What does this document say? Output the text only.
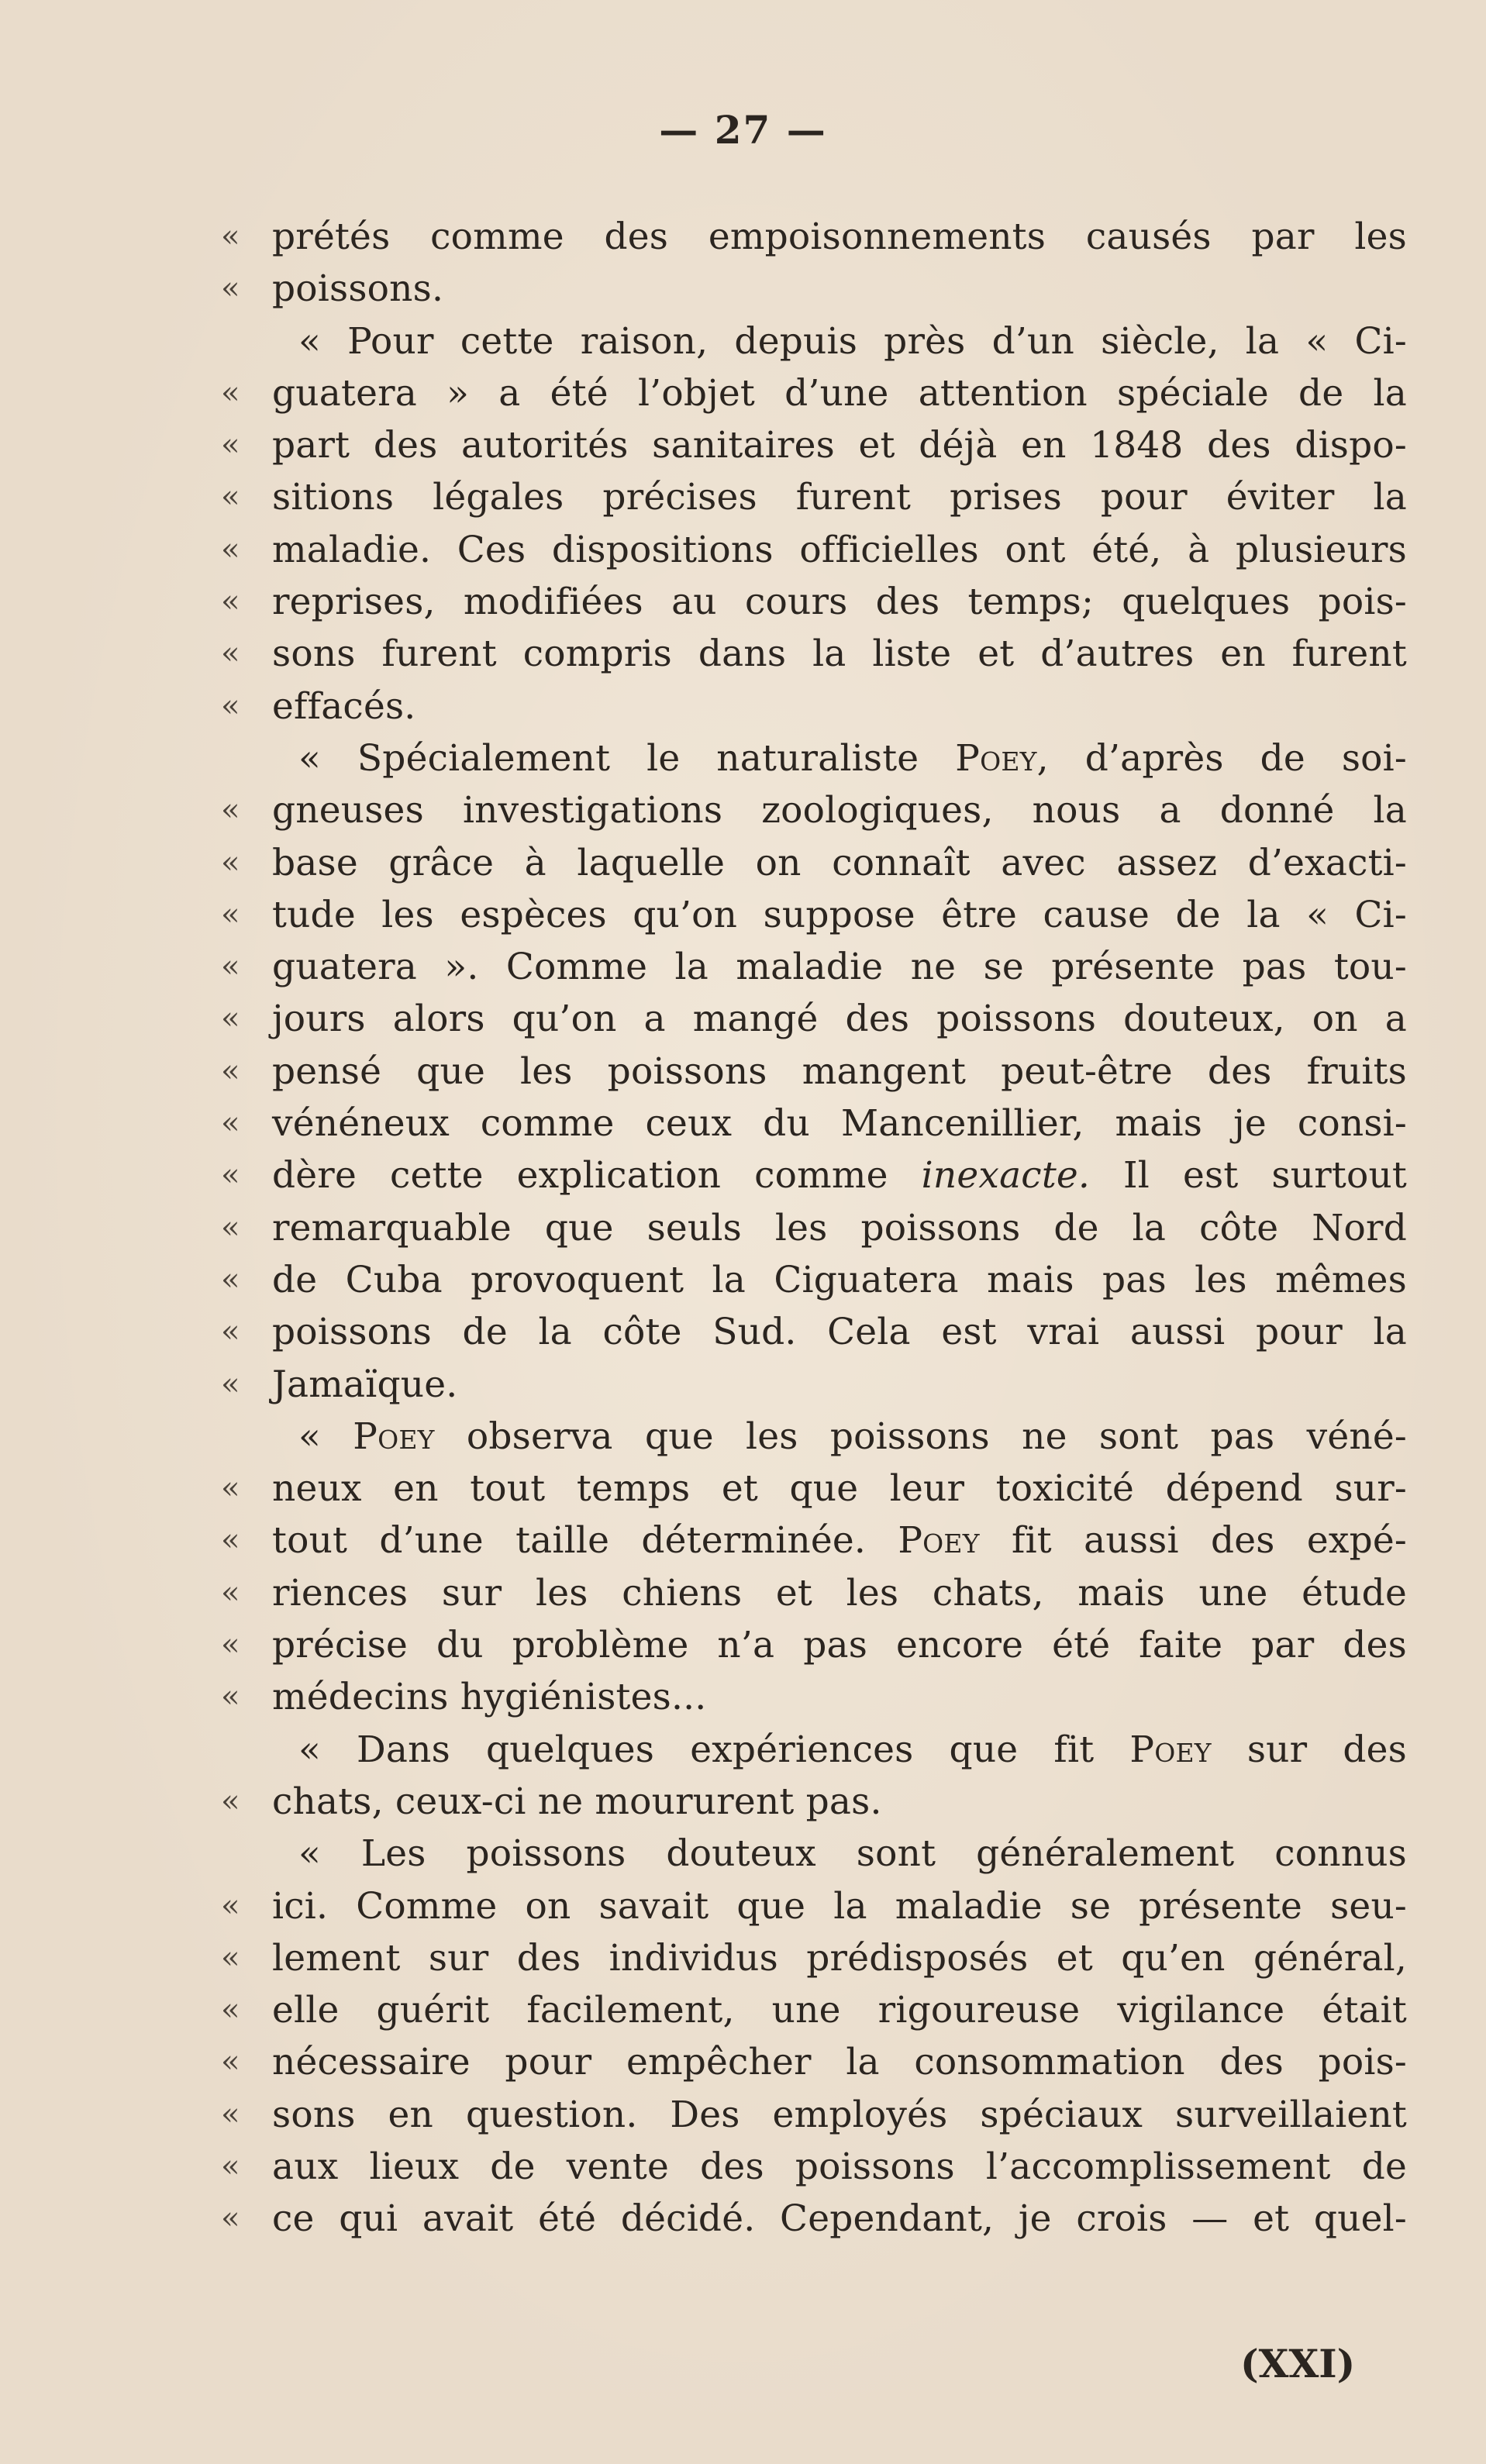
— 27 —
« prétés comme des empoisonnements causés par les
« poissons.
« Pour cette raison, depuis près d’un siècle, la « Ci-
« guatera » a été l’objet d’une attention spéciale de la
« part des autorités sanitaires et déjà en 1848 des dispo-
« sitions légales précises furent prises pour éviter la
« maladie. Ces dispositions officielles ont été, à plusieurs
« reprises, modifiées au cours des temps; quelques pois-
« sons furent compris dans la liste et d’autres en furent
« effacés.
« Spécialement le naturaliste Poey, d’après de soi-
« gneuses investigations zoologiques, nous a donné la
« base grâce à laquelle on connaît avec assez d’exacti-
« tude les espèces qu’on suppose être cause de la « Ci-
« guatera ». Comme la maladie ne se présente pas tou-
« jours alors qu’on a mangé des poissons douteux, on a
« pensé que les poissons mangent peut-être des fruits
« vénéneux comme ceux du Mancenillier, mais je consi-
« dère cette explication comme inexacte. Il est surtout
« remarquable que seuls les poissons de la côte Nord
« de Cuba provoquent la Ciguatera mais pas les mêmes
« poissons de la côte Sud. Cela est vrai aussi pour la
« Jamaïque.
« Poey observa que les poissons ne sont pas véné-
« neux en tout temps et que leur toxicité dépend sur-
« tout d’une taille déterminée. Poey fit aussi des expé-
« riences sur les chiens et les chats, mais une étude
« précise du problème n’a pas encore été faite par des
« médecins hygiénistes...
« Dans quelques expériences que fit Poey sur des
« chats, ceux-ci ne moururent pas.
« Les poissons douteux sont généralement connus
« ici. Comme on savait que la maladie se présente seu-
« lement sur des individus prédisposés et qu’en général,
« elle guérit facilement, une rigoureuse vigilance était
« nécessaire pour empêcher la consommation des pois-
« sons en question. Des employés spéciaux surveillaient
« aux lieux de vente des poissons l’accomplissement de
« ce qui avait été décidé. Cependant, je crois — et quel-
(XXI)
